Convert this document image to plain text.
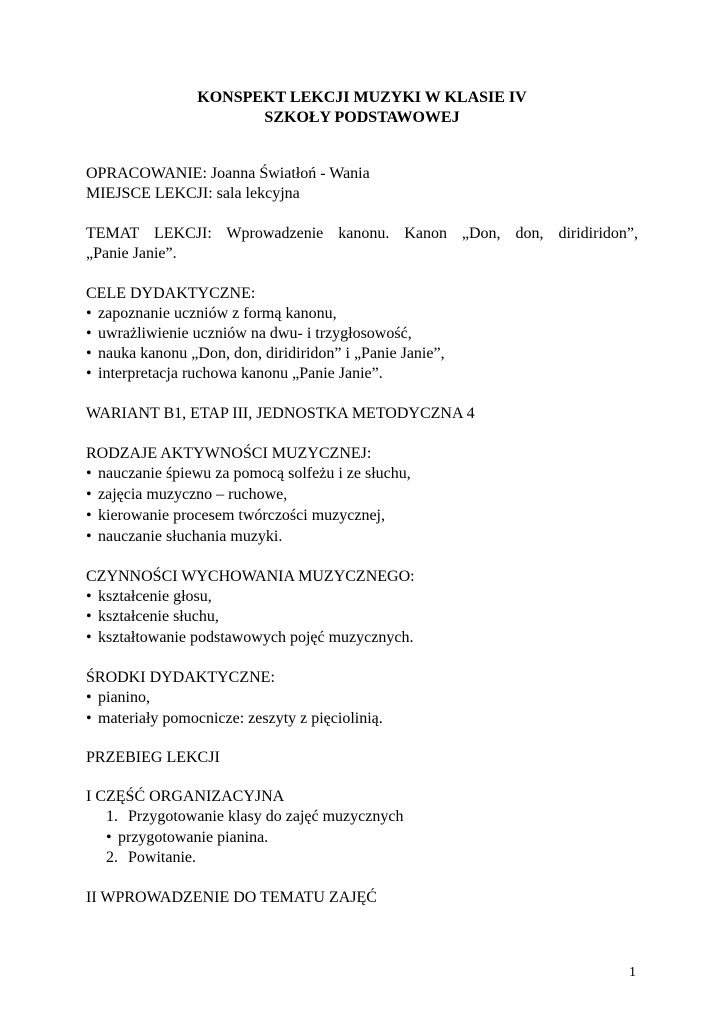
KONSPEKT LEKCJI MUZYKI W KLASIE IV
SZKOŁY PODSTAWOWEJ
OPRACOWANIE: Joanna Światłoń - Wania
MIEJSCE LEKCJI: sala lekcyjna
TEMAT LEKCJI: Wprowadzenie kanonu. Kanon „Don, don, diridiridon”,
„Panie Janie”.
CELE DYDAKTYCZNE:
• zapoznanie uczniów z formą kanonu,
• uwrażliwienie uczniów na dwu- i trzygłosowość,
• nauka kanonu „Don, don, diridiridon” i „Panie Janie”,
• interpretacja ruchowa kanonu „Panie Janie”.
WARIANT B1, ETAP III, JEDNOSTKA METODYCZNA 4
RODZAJE AKTYWNOŚCI MUZYCZNEJ:
• nauczanie śpiewu za pomocą solfeżu i ze słuchu,
• zajęcia muzyczno – ruchowe,
• kierowanie procesem twórczości muzycznej,
• nauczanie słuchania muzyki.
CZYNNOŚCI WYCHOWANIA MUZYCZNEGO:
• kształcenie głosu,
• kształcenie słuchu,
• kształtowanie podstawowych pojęć muzycznych.
ŚRODKI DYDAKTYCZNE:
• pianino,
• materiały pomocnicze: zeszyty z pięciolinią.
PRZEBIEG LEKCJI
I CZĘŚĆ ORGANIZACYJNA
1. Przygotowanie klasy do zajęć muzycznych
• przygotowanie pianina.
2. Powitanie.
II WPROWADZENIE DO TEMATU ZAJĘĆ
1
